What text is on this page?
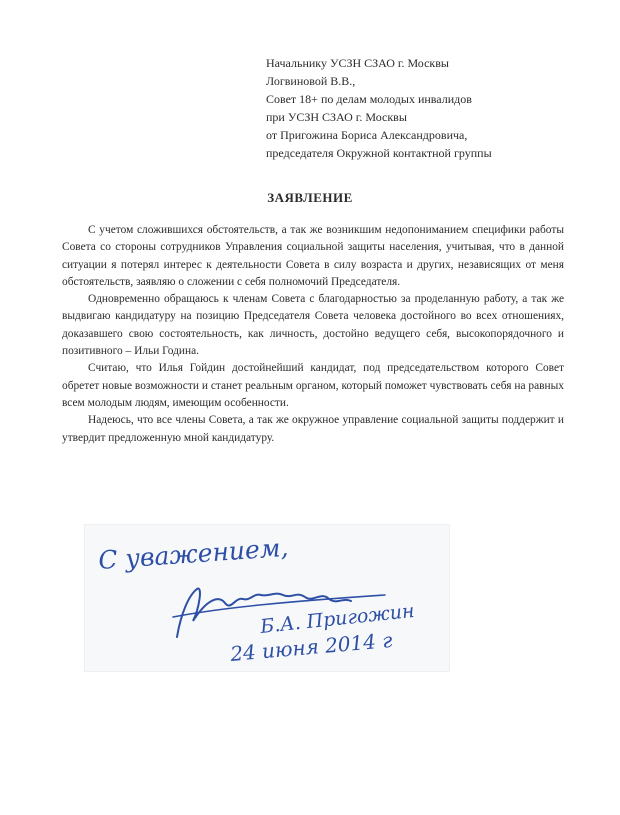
Начальнику УСЗН СЗАО г. Москвы
Логвиновой В.В.,
Совет 18+ по делам молодых инвалидов
при УСЗН СЗАО г. Москвы
от Пригожина Бориса Александровича,
председателя Окружной контактной группы
ЗАЯВЛЕНИЕ

С учетом сложившихся обстоятельств, а так же возникшим недопониманием специфики работы Совета со стороны сотрудников Управления социальной защиты населения, учитывая, что в данной ситуации я потерял интерес к деятельности Совета в силу возраста и других, независящих от меня обстоятельств, заявляю о сложении с себя полномочий Председателя.

Одновременно обращаюсь к членам Совета с благодарностью за проделанную работу, а так же выдвигаю кандидатуру на позицию Председателя Совета человека достойного во всех отношениях, доказавшего свою состоятельность, как личность, достойно ведущего себя, высокопорядочного и позитивного – Ильи Година.

Считаю, что Илья Гойдин достойнейший кандидат, под председательством которого Совет обретет новые возможности и станет реальным органом, который поможет чувствовать себя на равных всем молодым людям, имеющим особенности.

Надеюсь, что все члены Совета, а так же окружное управление социальной защиты поддержит и утвердит предложенную мной кандидатуру.

С уважением,
Б.А. Пригожин
24 июня 2014 г
